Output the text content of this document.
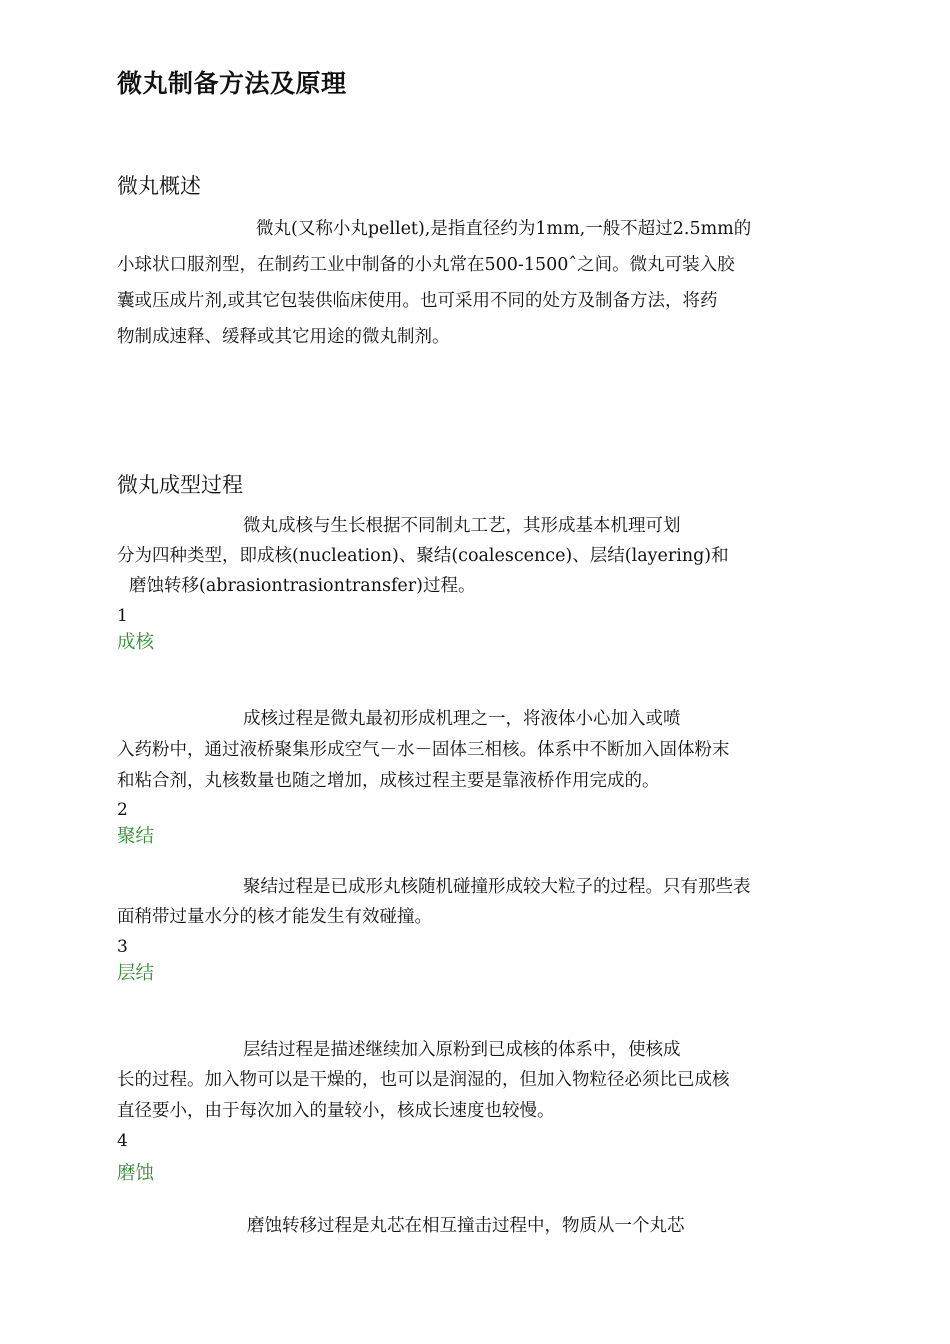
微丸制备方法及原理
微丸概述
微丸(又称小丸pellet),是指直径约为1mm,一般不超过2.5mm的
小球状口服剂型，在制药工业中制备的小丸常在500-1500ˆ之间。微丸可装入胶
囊或压成片剂,或其它包装供临床使用。也可采用不同的处方及制备方法，将药
物制成速释、缓释或其它用途的微丸制剂。
微丸成型过程
微丸成核与生长根据不同制丸工艺，其形成基本机理可划
分为四种类型，即成核(nucleation)、聚结(coalescence)、层结(layering)和
磨蚀转移(abrasiontrasiontransfer)过程。
1
成核
成核过程是微丸最初形成机理之一，将液体小心加入或喷
入药粉中，通过液桥聚集形成空气－水－固体三相核。体系中不断加入固体粉末
和粘合剂，丸核数量也随之增加，成核过程主要是靠液桥作用完成的。
2
聚结
聚结过程是已成形丸核随机碰撞形成较大粒子的过程。只有那些表
面稍带过量水分的核才能发生有效碰撞。
3
层结
层结过程是描述继续加入原粉到已成核的体系中，使核成
长的过程。加入物可以是干燥的，也可以是润湿的，但加入物粒径必须比已成核
直径要小，由于每次加入的量较小，核成长速度也较慢。
4
磨蚀
磨蚀转移过程是丸芯在相互撞击过程中，物质从一个丸芯
